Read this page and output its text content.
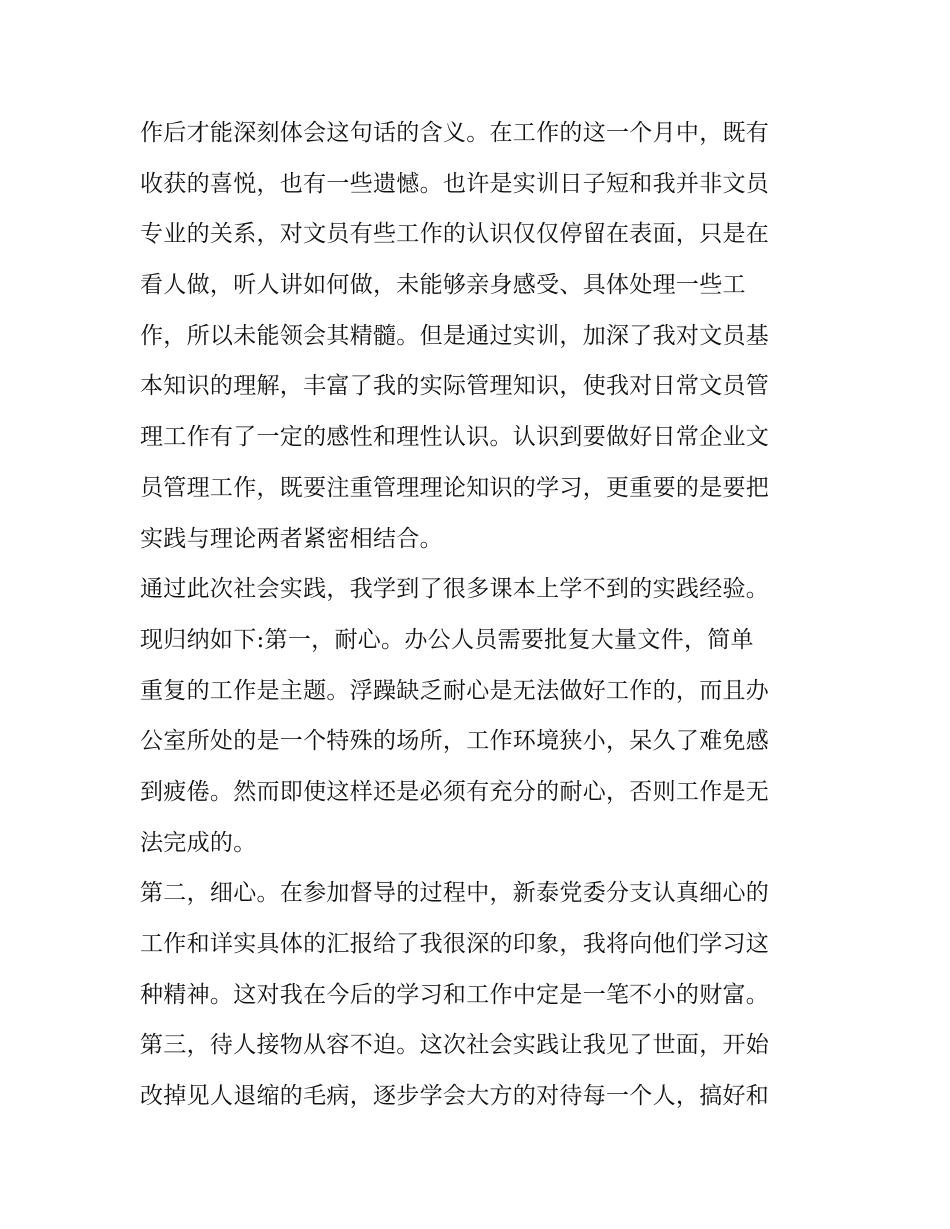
作后才能深刻体会这句话的含义。在工作的这一个月中，既有
收获的喜悦，也有一些遗憾。也许是实训日子短和我并非文员
专业的关系，对文员有些工作的认识仅仅停留在表面，只是在
看人做，听人讲如何做，未能够亲身感受、具体处理一些工
作，所以未能领会其精髓。但是通过实训，加深了我对文员基
本知识的理解，丰富了我的实际管理知识，使我对日常文员管
理工作有了一定的感性和理性认识。认识到要做好日常企业文
员管理工作，既要注重管理理论知识的学习，更重要的是要把
实践与理论两者紧密相结合。
通过此次社会实践，我学到了很多课本上学不到的实践经验。
现归纳如下:第一，耐心。办公人员需要批复大量文件，简单
重复的工作是主题。浮躁缺乏耐心是无法做好工作的，而且办
公室所处的是一个特殊的场所，工作环境狭小，呆久了难免感
到疲倦。然而即使这样还是必须有充分的耐心，否则工作是无
法完成的。
第二，细心。在参加督导的过程中，新泰党委分支认真细心的
工作和详实具体的汇报给了我很深的印象，我将向他们学习这
种精神。这对我在今后的学习和工作中定是一笔不小的财富。
第三，待人接物从容不迫。这次社会实践让我见了世面，开始
改掉见人退缩的毛病，逐步学会大方的对待每一个人，搞好和
